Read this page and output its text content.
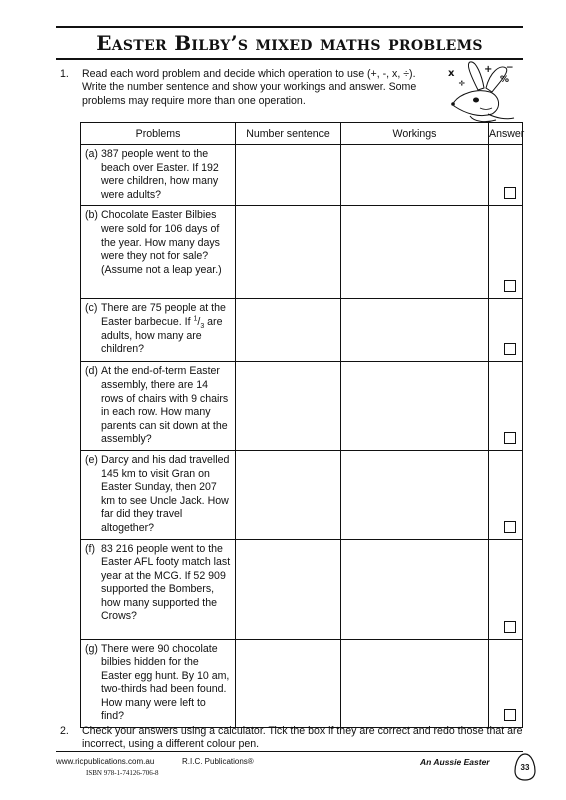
Easter Bilby’s mixed maths problems
1.	Read each word problem and decide which operation to use (+, -, x, ÷). Write the number sentence and show your workings and answer. Some problems may require more than one operation.
x	+
%
÷
−
Problems	Number sentence	Workings	Answer

(a) 387 people went to the beach over Easter. If 192 were children, how many were adults?			

(b) Chocolate Easter Bilbies were sold for 106 days of the year. How many days were they not for sale? (Assume not a leap year.)			

(c) There are 75 people at the Easter barbecue. If $^1/_3$ are adults, how many are children?			

(d) At the end-of-term Easter assembly, there are 14 rows of chairs with 9 chairs in each row. How many parents can sit down at the assembly?			

(e) Darcy and his dad travelled 145 km to visit Gran on Easter Sunday, then 207 km to see Uncle Jack. How far did they travel altogether?			

(f) 83 216 people went to the Easter AFL footy match last year at the MCG. If 52 909 supported the Bombers, how many supported the Crows?			

(g) There were 90 chocolate bilbies hidden for the Easter egg hunt. By 10 am, two-thirds had been found. How many were left to find?			

2.	Check your answers using a calculator. Tick the box if they are correct and redo those that are incorrect, using a different colour pen.
www.ricpublications.com.au
ISBN 978-1-74126-706-8
R.I.C. Publications®	An Aussie Easter
33
